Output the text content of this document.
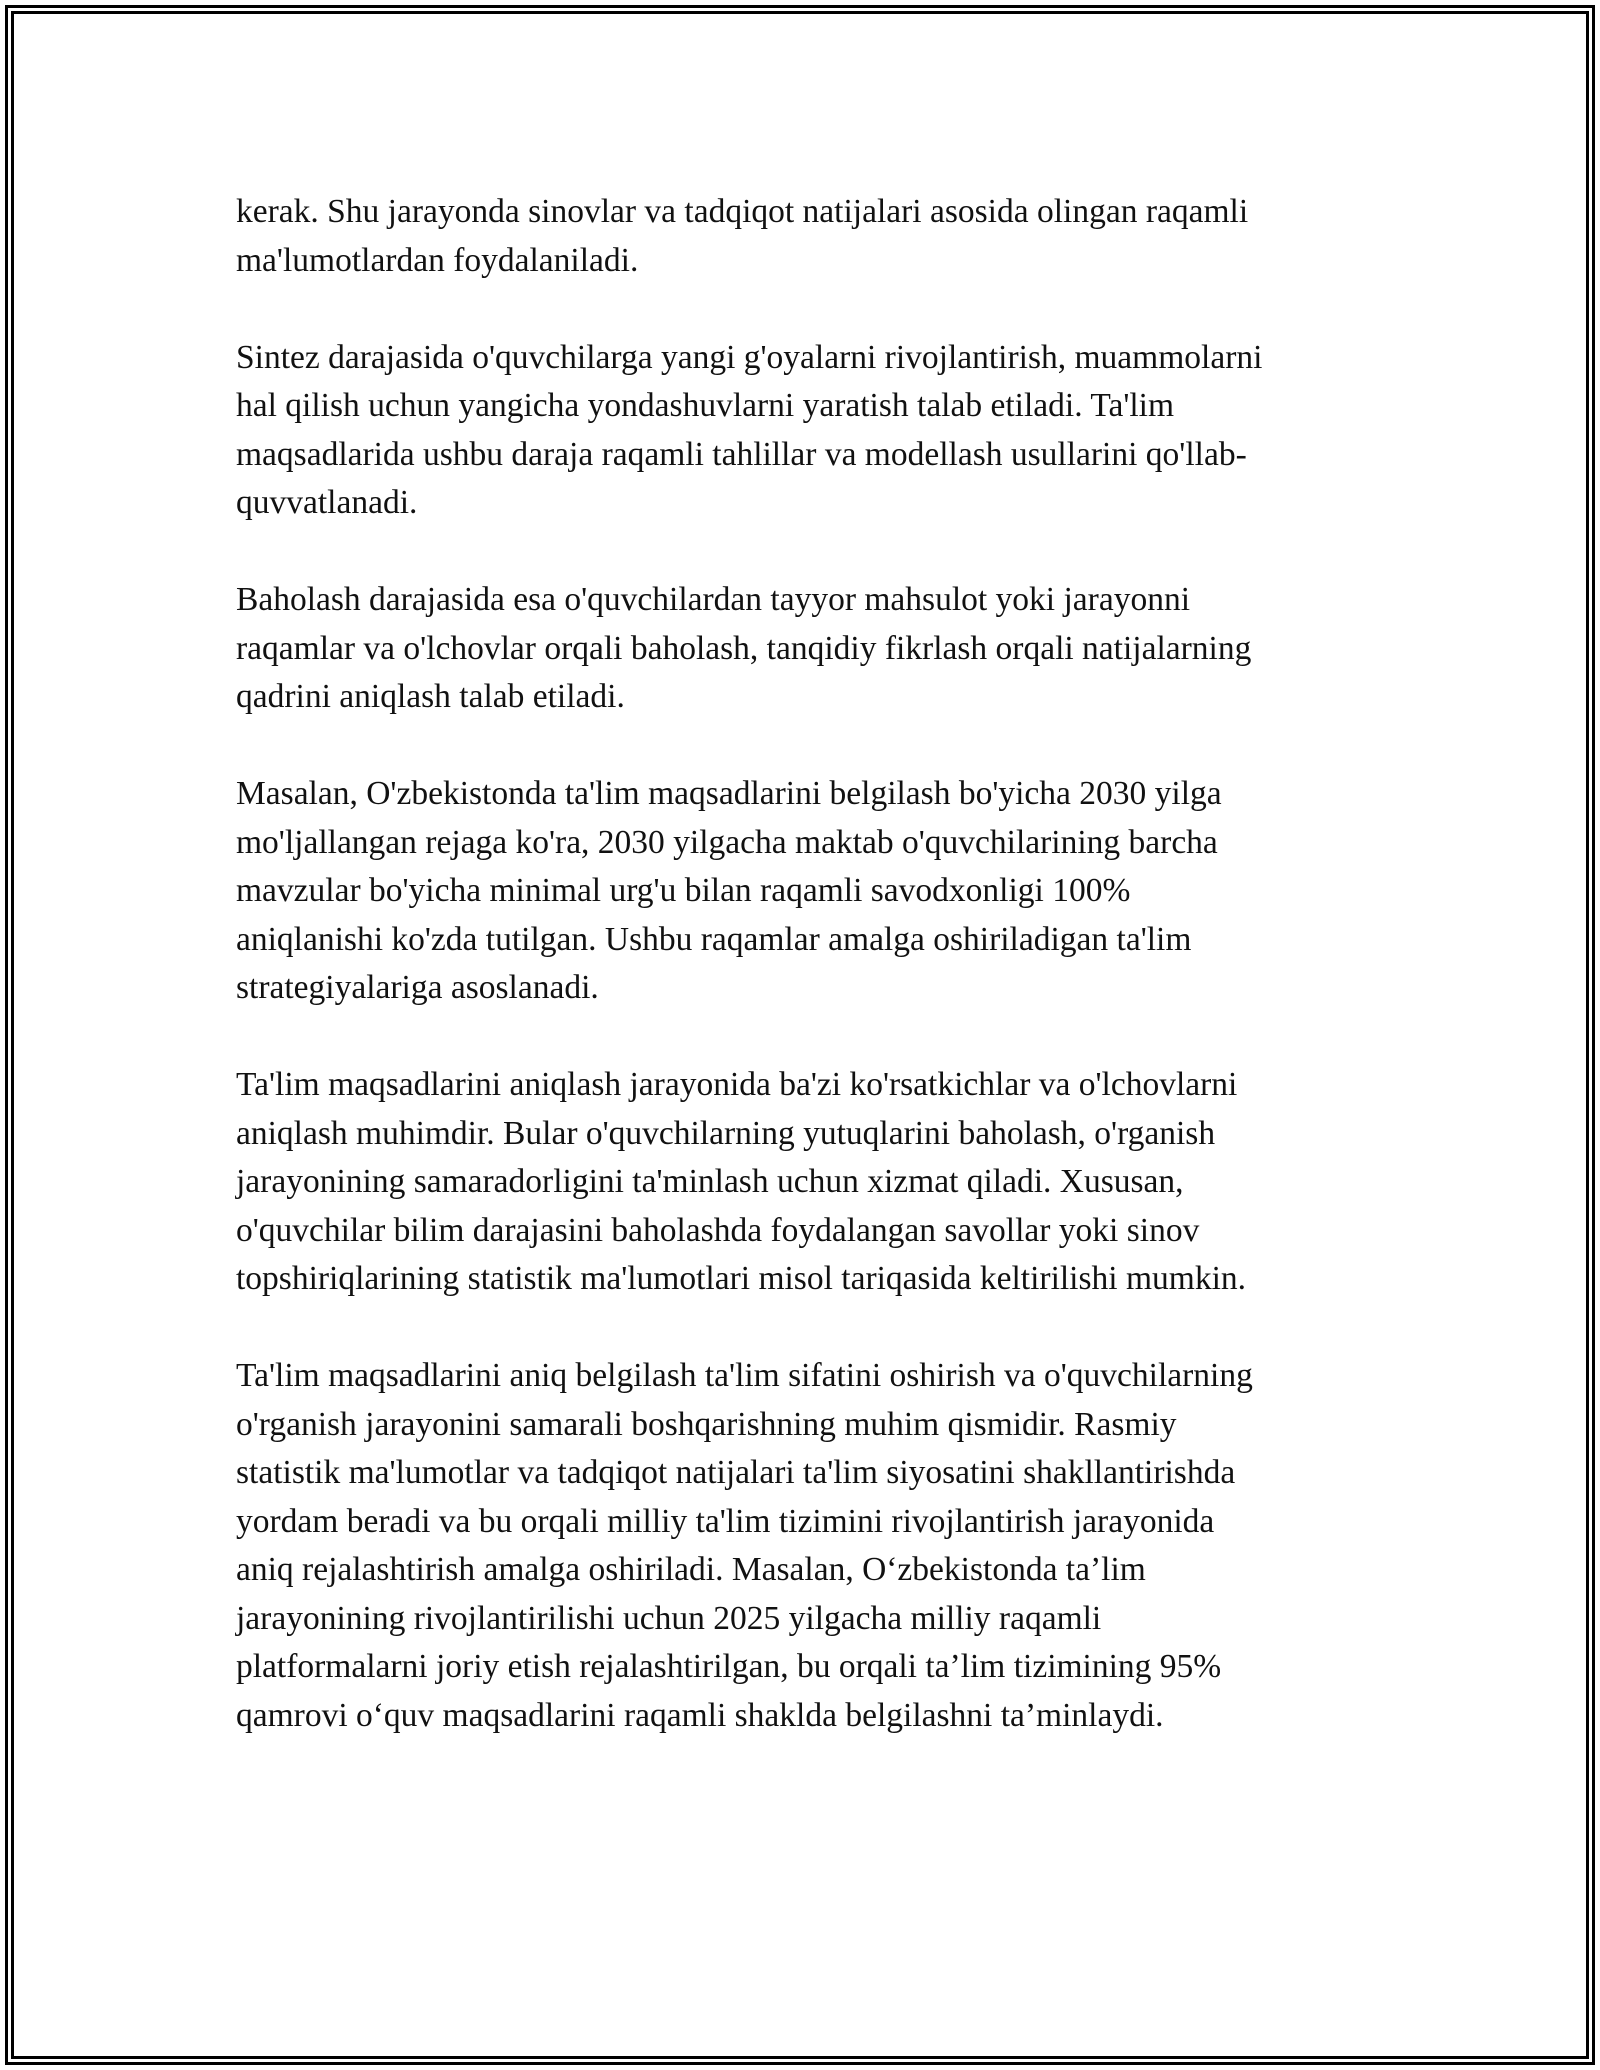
kerak. Shu jarayonda sinovlar va tadqiqot natijalari asosida olingan raqamli
ma'lumotlardan foydalaniladi.

Sintez darajasida o'quvchilarga yangi g'oyalarni rivojlantirish, muammolarni
hal qilish uchun yangicha yondashuvlarni yaratish talab etiladi. Ta'lim
maqsadlarida ushbu daraja raqamli tahlillar va modellash usullarini qo'llab-
quvvatlanadi.

Baholash darajasida esa o'quvchilardan tayyor mahsulot yoki jarayonni
raqamlar va o'lchovlar orqali baholash, tanqidiy fikrlash orqali natijalarning
qadrini aniqlash talab etiladi.

Masalan, O'zbekistonda ta'lim maqsadlarini belgilash bo'yicha 2030 yilga
mo'ljallangan rejaga ko'ra, 2030 yilgacha maktab o'quvchilarining barcha
mavzular bo'yicha minimal urg'u bilan raqamli savodxonligi 100%
aniqlanishi ko'zda tutilgan. Ushbu raqamlar amalga oshiriladigan ta'lim
strategiyalariga asoslanadi.

Ta'lim maqsadlarini aniqlash jarayonida ba'zi ko'rsatkichlar va o'lchovlarni
aniqlash muhimdir. Bular o'quvchilarning yutuqlarini baholash, o'rganish
jarayonining samaradorligini ta'minlash uchun xizmat qiladi. Xususan,
o'quvchilar bilim darajasini baholashda foydalangan savollar yoki sinov
topshiriqlarining statistik ma'lumotlari misol tariqasida keltirilishi mumkin.

Ta'lim maqsadlarini aniq belgilash ta'lim sifatini oshirish va o'quvchilarning
o'rganish jarayonini samarali boshqarishning muhim qismidir. Rasmiy
statistik ma'lumotlar va tadqiqot natijalari ta'lim siyosatini shakllantirishda
yordam beradi va bu orqali milliy ta'lim tizimini rivojlantirish jarayonida
aniq rejalashtirish amalga oshiriladi. Masalan, O‘zbekistonda ta’lim
jarayonining rivojlantirilishi uchun 2025 yilgacha milliy raqamli
platformalarni joriy etish rejalashtirilgan, bu orqali ta’lim tizimining 95%
qamrovi o‘quv maqsadlarini raqamli shaklda belgilashni ta’minlaydi.
